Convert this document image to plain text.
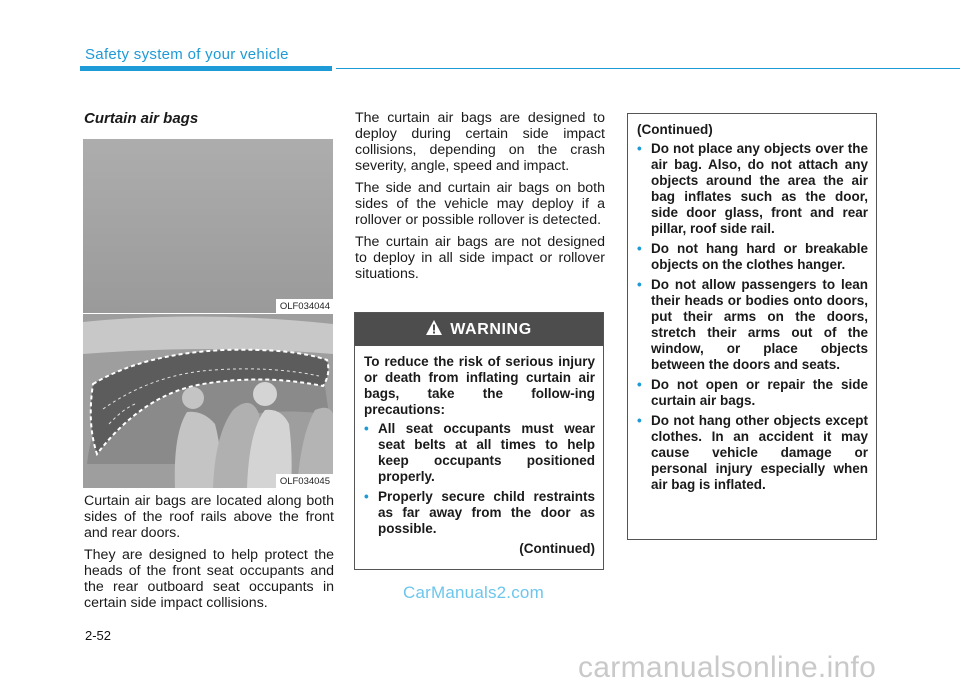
Safety system of your vehicle
Curtain air bags
OLF034044
OLF034045

Curtain air bags are located along both sides of the roof rails above the front and rear doors.

They are designed to help protect the heads of the front seat occupants and the rear outboard seat occupants in certain side impact collisions.

The curtain air bags are designed to deploy during certain side impact collisions, depending on the crash severity, angle, speed and impact.

The side and curtain air bags on both sides of the vehicle may deploy if a rollover or possible rollover is detected.

The curtain air bags are not designed to deploy in all side impact or rollover situations.

WARNING

To reduce the risk of serious injury or death from inflating curtain air bags, take the follow-ing precautions:

• All seat occupants must wear seat belts at all times to help keep occupants positioned properly.
• Properly secure child restraints as far away from the door as possible.
(Continued)

(Continued)

• Do not place any objects over the air bag. Also, do not attach any objects around the area the air bag inflates such as the door, side door glass, front and rear pillar, roof side rail.
• Do not hang hard or breakable objects on the clothes hanger.
• Do not allow passengers to lean their heads or bodies onto doors, put their arms on the doors, stretch their arms out of the window, or place objects between the doors and seats.
• Do not open or repair the side curtain air bags.
• Do not hang other objects except clothes. In an accident it may cause vehicle damage or personal injury especially when air bag is inflated.
2-52
CarManuals2.com
carmanualsonline.info
